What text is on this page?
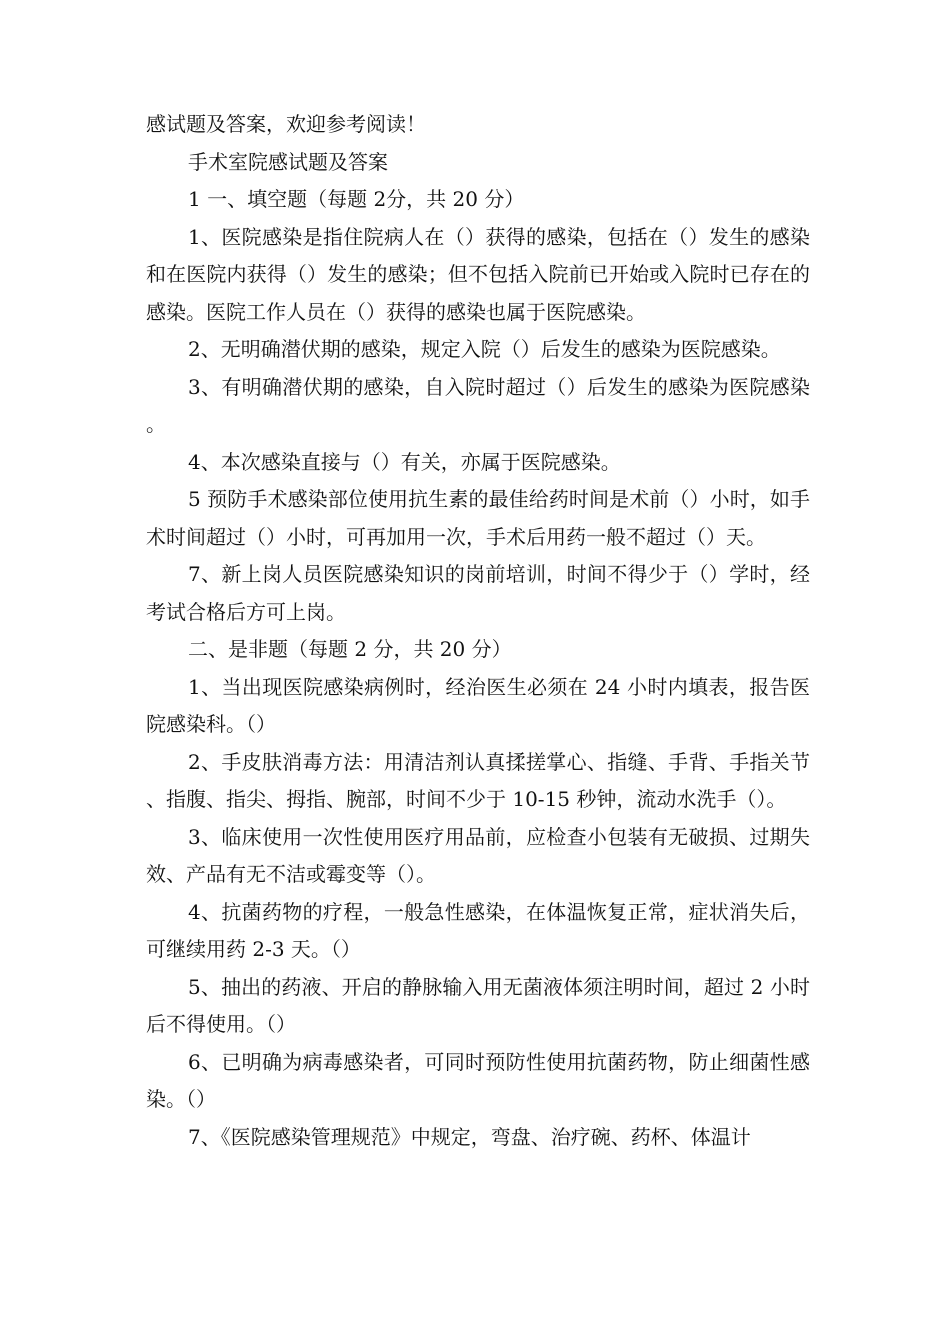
感试题及答案，欢迎参考阅读！

手术室院感试题及答案

1 一、填空题（每题 2分，共 20 分）

1、医院感染是指住院病人在（）获得的感染，包括在（）发生的感染和在医院内获得（）发生的感染；但不包括入院前已开始或入院时已存在的感染。医院工作人员在（）获得的感染也属于医院感染。

2、无明确潜伏期的感染，规定入院（）后发生的感染为医院感染。

3、有明确潜伏期的感染，自入院时超过（）后发生的感染为医院感染。

4、本次感染直接与（）有关，亦属于医院感染。

5 预防手术感染部位使用抗生素的最佳给药时间是术前（）小时，如手术时间超过（）小时，可再加用一次，手术后用药一般不超过（）天。

7、新上岗人员医院感染知识的岗前培训，时间不得少于（）学时，经考试合格后方可上岗。

二、是非题（每题 2 分，共 20 分）

1、当出现医院感染病例时，经治医生必须在 24 小时内填表，报告医院感染科。（）

2、手皮肤消毒方法：用清洁剂认真揉搓掌心、指缝、手背、手指关节、指腹、指尖、拇指、腕部，时间不少于 10-15 秒钟，流动水洗手（）。

3、临床使用一次性使用医疗用品前，应检查小包装有无破损、过期失效、产品有无不洁或霉变等（）。

4、抗菌药物的疗程，一般急性感染，在体温恢复正常，症状消失后，可继续用药 2-3 天。（）

5、抽出的药液、开启的静脉输入用无菌液体须注明时间，超过 2 小时后不得使用。（）

6、已明确为病毒感染者，可同时预防性使用抗菌药物，防止细菌性感染。（）

7、《医院感染管理规范》中规定，弯盘、治疗碗、药杯、体温计
